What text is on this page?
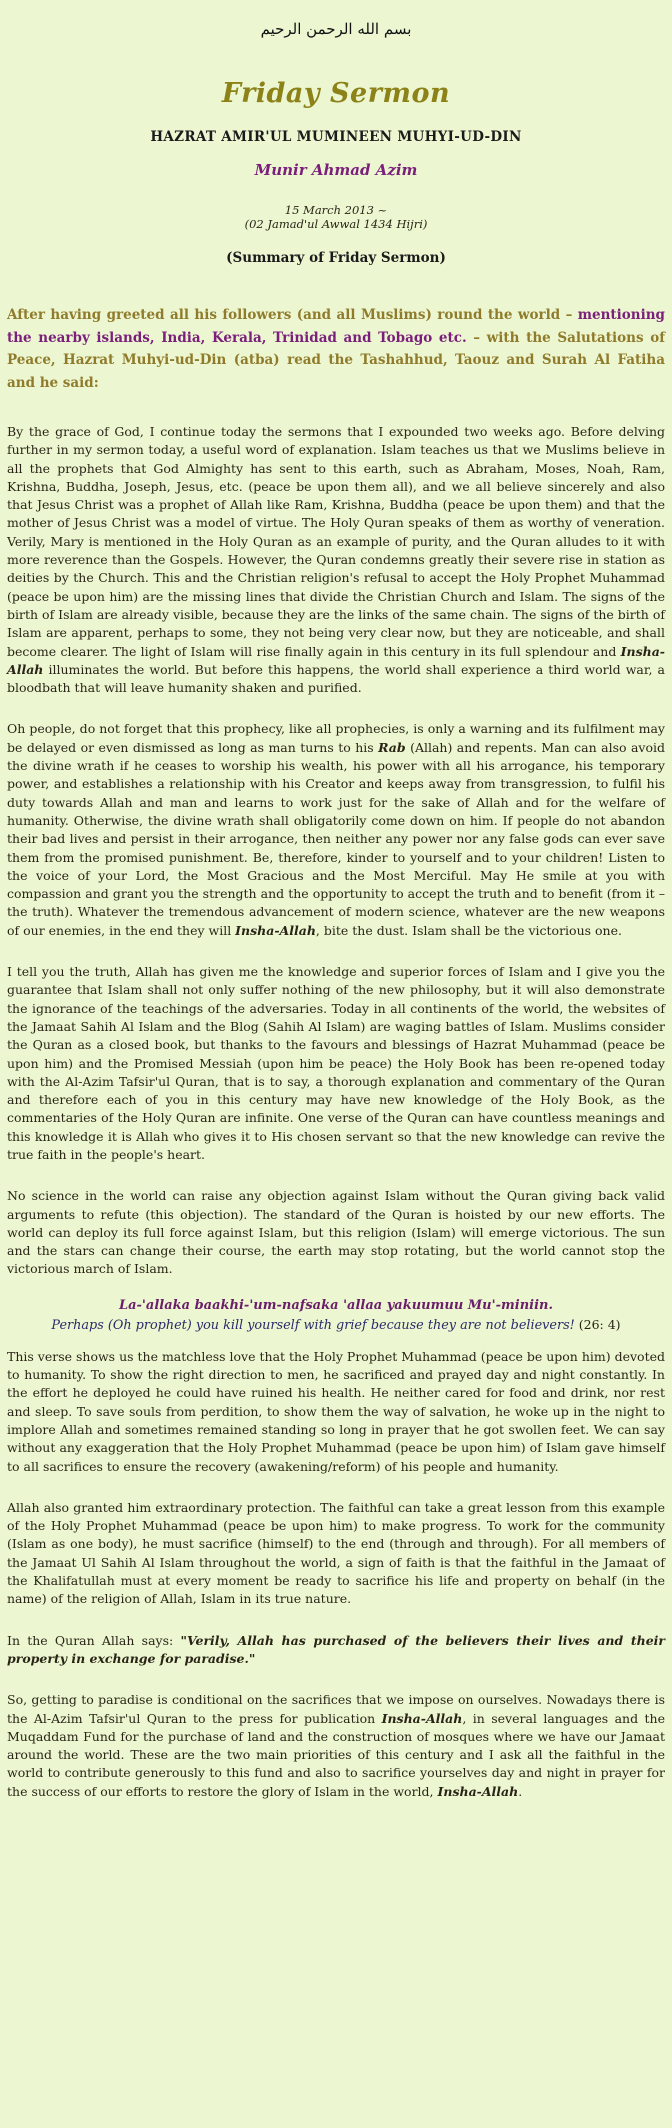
بسم الله الرحمن الرحيم
Friday Sermon
HAZRAT AMIR'UL MUMINEEN MUHYI-UD-DIN
Munir Ahmad Azim
15 March 2013 ~
(02 Jamad'ul Awwal 1434 Hijri)
(Summary of Friday Sermon)
After having greeted all his followers (and all Muslims) round the world – mentioning the nearby islands, India, Kerala, Trinidad and Tobago etc. – with the Salutations of Peace, Hazrat Muhyi-ud-Din (atba) read the Tashahhud, Taouz and Surah Al Fatiha and he said:

By the grace of God, I continue today the sermons that I expounded two weeks ago. Before delving further in my sermon today, a useful word of explanation. Islam teaches us that we Muslims believe in all the prophets that God Almighty has sent to this earth, such as Abraham, Moses, Noah, Ram, Krishna, Buddha, Joseph, Jesus, etc. (peace be upon them all), and we all believe sincerely and also that Jesus Christ was a prophet of Allah like Ram, Krishna, Buddha (peace be upon them) and that the mother of Jesus Christ was a model of virtue. The Holy Quran speaks of them as worthy of veneration. Verily, Mary is mentioned in the Holy Quran as an example of purity, and the Quran alludes to it with more reverence than the Gospels. However, the Quran condemns greatly their severe rise in station as deities by the Church. This and the Christian religion's refusal to accept the Holy Prophet Muhammad (peace be upon him) are the missing lines that divide the Christian Church and Islam. The signs of the birth of Islam are already visible, because they are the links of the same chain. The signs of the birth of Islam are apparent, perhaps to some, they not being very clear now, but they are noticeable, and shall become clearer. The light of Islam will rise finally again in this century in its full splendour and Insha-Allah illuminates the world. But before this happens, the world shall experience a third world war, a bloodbath that will leave humanity shaken and purified.

Oh people, do not forget that this prophecy, like all prophecies, is only a warning and its fulfilment may be delayed or even dismissed as long as man turns to his Rab (Allah) and repents. Man can also avoid the divine wrath if he ceases to worship his wealth, his power with all his arrogance, his temporary power, and establishes a relationship with his Creator and keeps away from transgression, to fulfil his duty towards Allah and man and learns to work just for the sake of Allah and for the welfare of humanity. Otherwise, the divine wrath shall obligatorily come down on him. If people do not abandon their bad lives and persist in their arrogance, then neither any power nor any false gods can ever save them from the promised punishment. Be, therefore, kinder to yourself and to your children! Listen to the voice of your Lord, the Most Gracious and the Most Merciful. May He smile at you with compassion and grant you the strength and the opportunity to accept the truth and to benefit (from it – the truth). Whatever the tremendous advancement of modern science, whatever are the new weapons of our enemies, in the end they will Insha-Allah, bite the dust. Islam shall be the victorious one.

I tell you the truth, Allah has given me the knowledge and superior forces of Islam and I give you the guarantee that Islam shall not only suffer nothing of the new philosophy, but it will also demonstrate the ignorance of the teachings of the adversaries. Today in all continents of the world, the websites of the Jamaat Sahih Al Islam and the Blog (Sahih Al Islam) are waging battles of Islam. Muslims consider the Quran as a closed book, but thanks to the favours and blessings of Hazrat Muhammad (peace be upon him) and the Promised Messiah (upon him be peace) the Holy Book has been re-opened today with the Al-Azim Tafsir'ul Quran, that is to say, a thorough explanation and commentary of the Quran and therefore each of you in this century may have new knowledge of the Holy Book, as the commentaries of the Holy Quran are infinite. One verse of the Quran can have countless meanings and this knowledge it is Allah who gives it to His chosen servant so that the new knowledge can revive the true faith in the people's heart.

No science in the world can raise any objection against Islam without the Quran giving back valid arguments to refute (this objection). The standard of the Quran is hoisted by our new efforts. The world can deploy its full force against Islam, but this religion (Islam) will emerge victorious. The sun and the stars can change their course, the earth may stop rotating, but the world cannot stop the victorious march of Islam.

La-'allaka baakhi-'um-nafsaka 'allaa yakuumuu Mu'-miniin.
Perhaps (Oh prophet) you kill yourself with grief because they are not believers! (26: 4)

This verse shows us the matchless love that the Holy Prophet Muhammad (peace be upon him) devoted to humanity. To show the right direction to men, he sacrificed and prayed day and night constantly. In the effort he deployed he could have ruined his health. He neither cared for food and drink, nor rest and sleep. To save souls from perdition, to show them the way of salvation, he woke up in the night to implore Allah and sometimes remained standing so long in prayer that he got swollen feet. We can say without any exaggeration that the Holy Prophet Muhammad (peace be upon him) of Islam gave himself to all sacrifices to ensure the recovery (awakening/reform) of his people and humanity.

Allah also granted him extraordinary protection. The faithful can take a great lesson from this example of the Holy Prophet Muhammad (peace be upon him) to make progress. To work for the community (Islam as one body), he must sacrifice (himself) to the end (through and through). For all members of the Jamaat Ul Sahih Al Islam throughout the world, a sign of faith is that the faithful in the Jamaat of the Khalifatullah must at every moment be ready to sacrifice his life and property on behalf (in the name) of the religion of Allah, Islam in its true nature.

In the Quran Allah says: "Verily, Allah has purchased of the believers their lives and their property in exchange for paradise."

So, getting to paradise is conditional on the sacrifices that we impose on ourselves. Nowadays there is the Al-Azim Tafsir'ul Quran to the press for publication Insha-Allah, in several languages and the Muqaddam Fund for the purchase of land and the construction of mosques where we have our Jamaat around the world. These are the two main priorities of this century and I ask all the faithful in the world to contribute generously to this fund and also to sacrifice yourselves day and night in prayer for the success of our efforts to restore the glory of Islam in the world, Insha-Allah.
